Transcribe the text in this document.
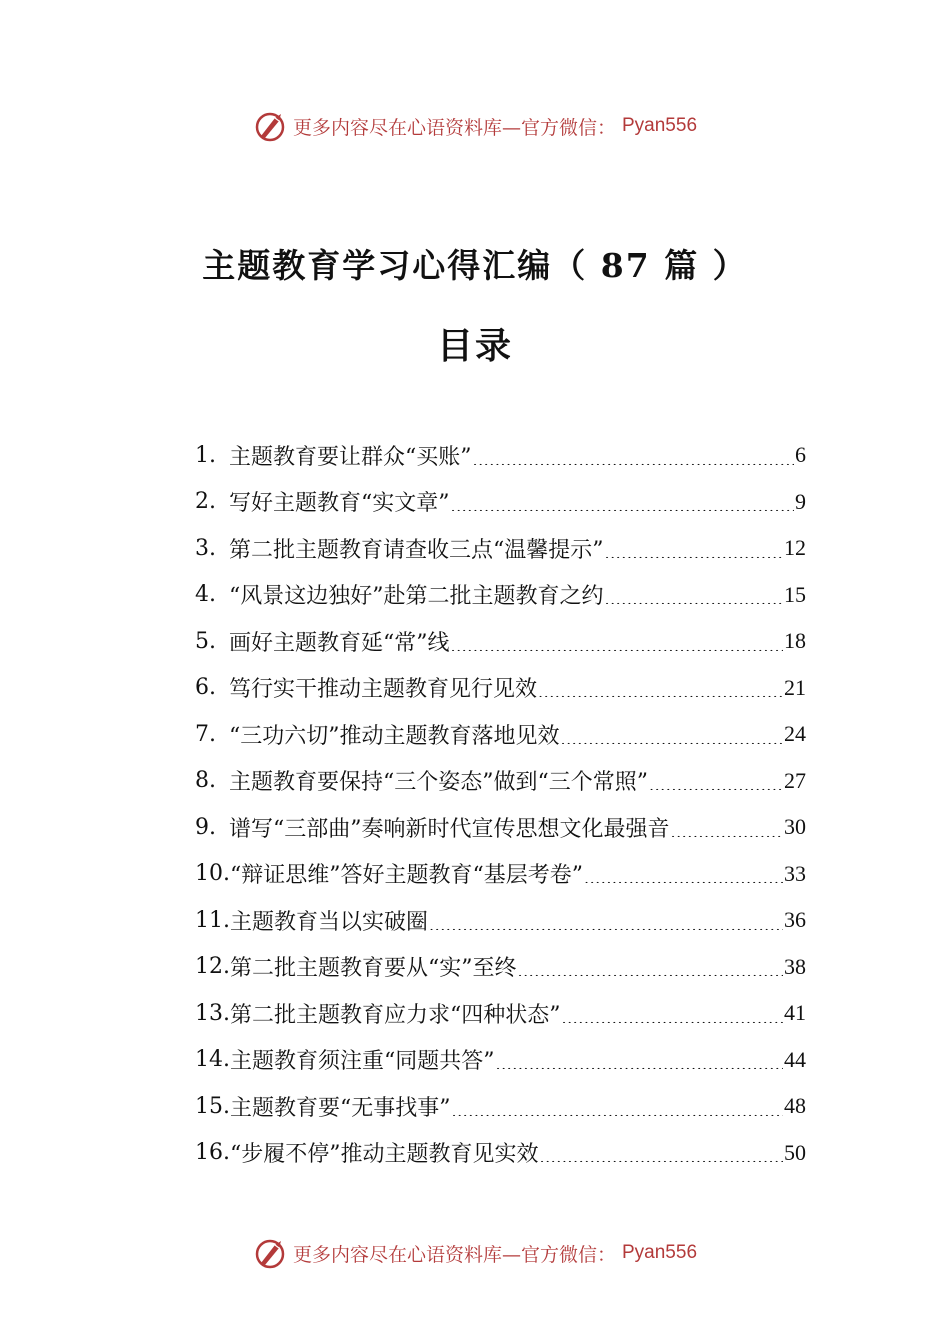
更多内容尽在心语资料库—官方微信： Pyan556
主题教育学习心得汇编（ 87 篇 ）
目录
1. 主题教育要让群众“买账” .....	6
2. 写好主题教育“实文章” .....	9
3. 第二批主题教育请查收三点“温馨提示” .....	12
4. “风景这边独好”赴第二批主题教育之约 .....	15
5. 画好主题教育延“常”线 .....	18
6. 笃行实干推动主题教育见行见效 .....	21
7. “三功六切”推动主题教育落地见效 .....	24
8. 主题教育要保持“三个姿态”做到“三个常照” .....	27
9. 谱写“三部曲”奏响新时代宣传思想文化最强音 .....	30
10. “辩证思维”答好主题教育“基层考卷” .....	33
11. 主题教育当以实破圈 .....	36
12. 第二批主题教育要从“实”至终 .....	38
13. 第二批主题教育应力求“四种状态” .....	41
14. 主题教育须注重“同题共答” .....	44
15. 主题教育要“无事找事” .....	48
16. “步履不停”推动主题教育见实效 .....	50
更多内容尽在心语资料库—官方微信： Pyan556
